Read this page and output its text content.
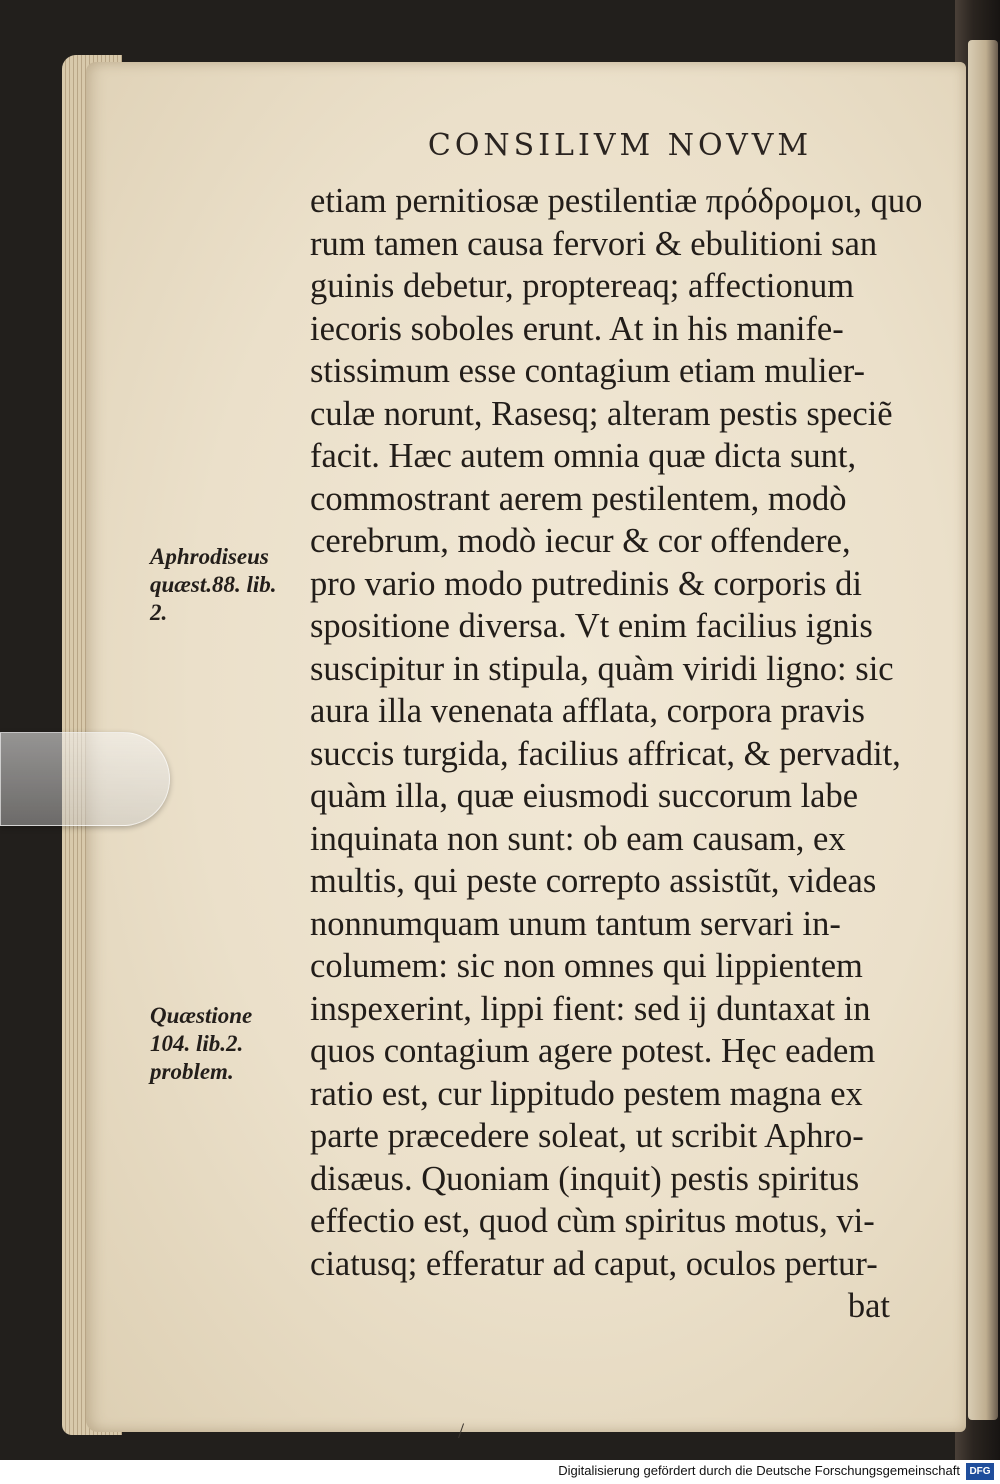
CONSILIVM NOVVM
etiam pernitiosæ pestilentiæ πρόδρομοι, quo
rum tamen causa fervori & ebulitioni san
guinis debetur, proptereaq; affectionum
iecoris soboles erunt. At in his manife-
stissimum esse contagium etiam mulier-
culæ norunt, Rasesq; alteram pestis speciẽ
facit. Hæc autem omnia quæ dicta sunt,
commostrant aerem pestilentem, modò
cerebrum, modò iecur & cor offendere,
pro vario modo putredinis & corporis di
spositione diversa. Vt enim facilius ignis
suscipitur in stipula, quàm viridi ligno: sic
aura illa venenata afflata, corpora pravis
succis turgida, facilius affricat, & pervadit,
quàm illa, quæ eiusmodi succorum labe
inquinata non sunt: ob eam causam, ex
multis, qui peste correpto assistũt, videas
nonnumquam unum tantum servari in-
columem: sic non omnes qui lippientem
inspexerint, lippi fient: sed ij duntaxat in
quos contagium agere potest. Hęc eadem
ratio est, cur lippitudo pestem magna ex
parte præcedere soleat, ut scribit Aphro-
disæus. Quoniam (inquit) pestis spiritus
effectio est, quod cùm spiritus motus, vi-
ciatusq; efferatur ad caput, oculos pertur-
bat
Aphrodiseus
quæst.88. lib.
2.
Quæstione
104. lib.2.
problem.
/
Digitalisierung gefördert durch die Deutsche Forschungsgemeinschaft DFG
